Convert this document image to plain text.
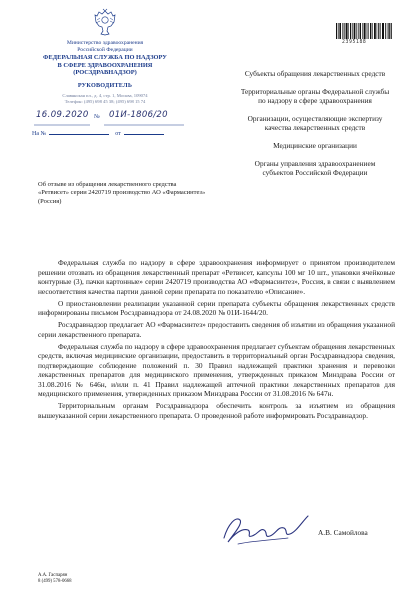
Министерство здравоохранения
Российской Федерации
ФЕДЕРАЛЬНАЯ СЛУЖБА ПО НАДЗОРУ
В СФЕРЕ ЗДРАВООХРАНЕНИЯ
(РОСЗДРАВНАДЗОР)
РУКОВОДИТЕЛЬ
Славянская пл., д. 4, стр. 1, Москва, 109074
Телефон: (495) 698 45 38; (495) 698 15 74
16.09.2020 № 01И-1806/20
На №	от
2395188
Субъекты обращения лекарственных средств
Территориальные органы Федеральной службы по надзору в сфере здравоохранения
Организации, осуществляющие экспертизу качества лекарственных средств
Медицинские организации
Органы управления здравоохранением субъектов Российской Федерации
Об отзыве из обращения лекарственного средства «Ретвисет» серии 2420719 производство АО «Фармасинтез» (Россия)

Федеральная служба по надзору в сфере здравоохранения информирует о принятом производителем решении отозвать из обращения лекарственный препарат «Ретвисет, капсулы 100 мг 10 шт., упаковки ячейковые контурные (3), пачки картонные» серии 2420719 производства АО «Фармасинтез», Россия, в связи с выявлением несоответствия качества партии данной серии препарата по показателю «Описание».

О приостановлении реализации указанной серии препарата субъекты обращения лекарственных средств информированы письмом Росздравнадзора от 24.08.2020 № 01И-1644/20.

Росздравнадзор предлагает АО «Фармасинтез» предоставить сведения об изъятии из обращения указанной серии лекарственного препарата.

Федеральная служба по надзору в сфере здравоохранения предлагает субъектам обращения лекарственных средств, включая медицинские организации, предоставить в территориальный орган Росздравнадзора сведения, подтверждающие соблюдение положений п. 30 Правил надлежащей практики хранения и перевозки лекарственных препаратов для медицинского применения, утвержденных приказом Минздрава России от 31.08.2016 № 646н, и/или п. 41 Правил надлежащей аптечной практики лекарственных препаратов для медицинского применения, утвержденных приказом Минздрава России от 31.08.2016 № 647н.

Территориальным органам Росздравнадзора обеспечить контроль за изъятием из обращения вышеуказанной серии лекарственного препарата. О проведенной работе информировать Росздравнадзор.

А.В. Самойлова
А.А. Гаспарян
8 (499) 578-0668
